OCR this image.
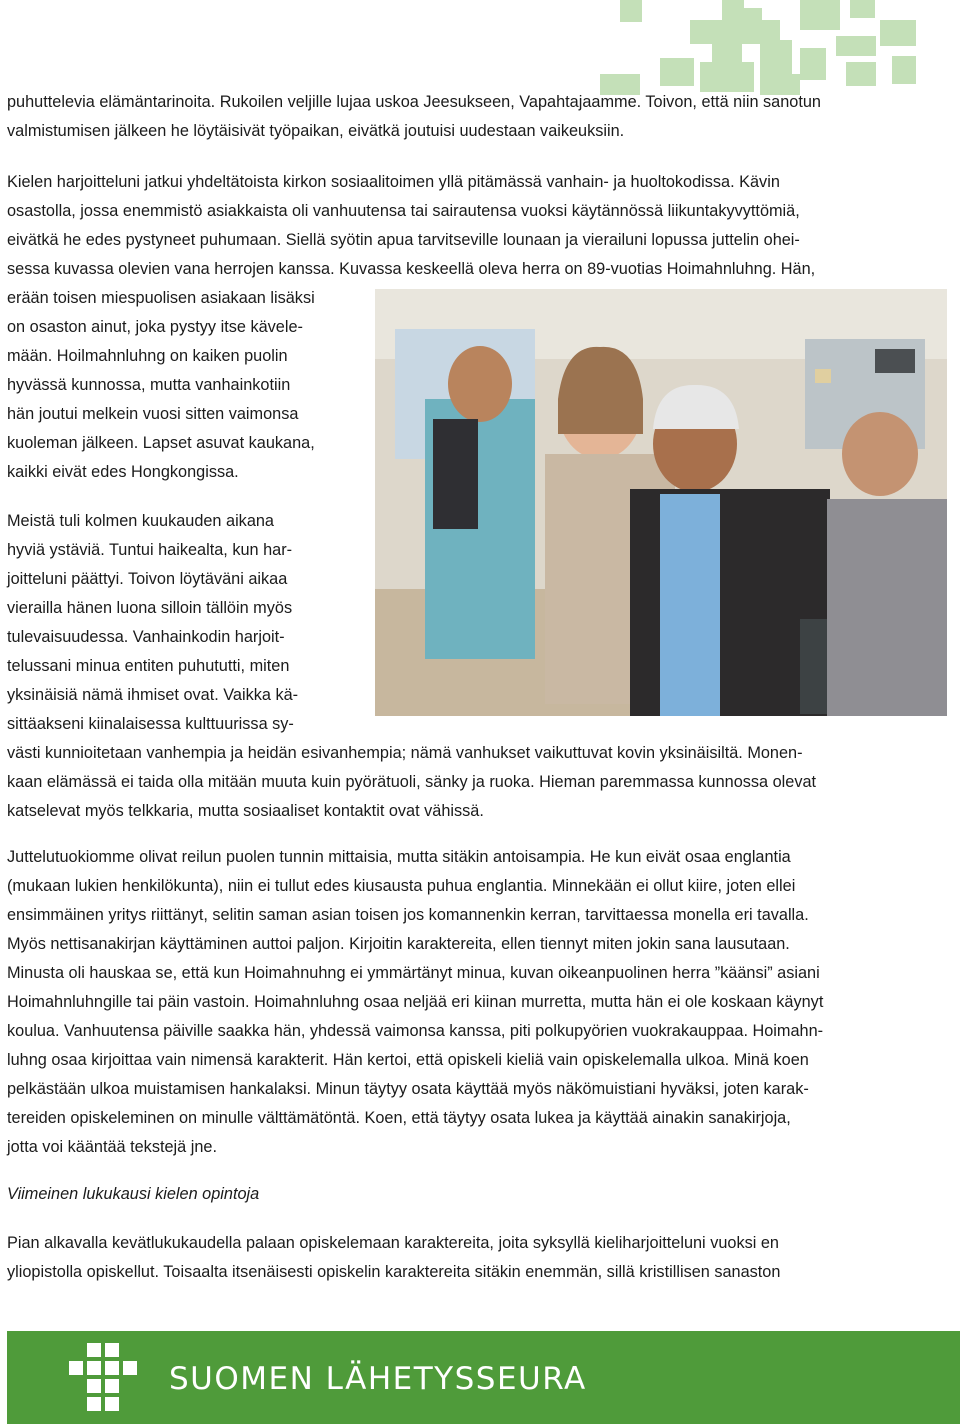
puhuttelevia elämäntarinoita. Rukoilen veljille lujaa uskoa Jeesukseen, Vapahtajaamme. Toivon, että niin sanotun
valmistumisen jälkeen he löytäisivät työpaikan, eivätkä joutuisi uudestaan vaikeuksiin.
Kielen harjoitteluni jatkui yhdeltätoista kirkon sosiaalitoimen yllä pitämässä vanhain- ja huoltokodissa. Kävin
osastolla, jossa enemmistö asiakkaista oli vanhuutensa tai sairautensa vuoksi käytännössä liikuntakyvyttömiä,
eivätkä he edes pystyneet puhumaan. Siellä syötin apua tarvitseville lounaan ja vierailuni lopussa juttelin ohei-
sessa kuvassa olevien vana herrojen kanssa. Kuvassa keskeellä oleva herra on 89-vuotias Hoimahnluhng. Hän,
erään toisen miespuolisen asiakaan lisäksi
on osaston ainut, joka pystyy itse kävele-
mään. Hoilmahnluhng on kaiken puolin
hyvässä kunnossa, mutta vanhainkotiin
hän joutui melkein vuosi sitten vaimonsa
kuoleman jälkeen. Lapset asuvat kaukana,
kaikki eivät edes Hongkongissa.
Meistä tuli kolmen kuukauden aikana
hyviä ystäviä. Tuntui haikealta, kun har-
joitteluni päättyi. Toivon löytäväni aikaa
vierailla hänen luona silloin tällöin myös
tulevaisuudessa. Vanhainkodin harjoit-
telussani minua entiten puhututti, miten
yksinäisiä nämä ihmiset ovat. Vaikka kä-
sittäakseni kiinalaisessa kulttuurissa sy-
västi kunnioitetaan vanhempia ja heidän esivanhempia; nämä vanhukset vaikuttuvat kovin yksinäisiltä. Monen-
kaan elämässä ei taida olla mitään muuta kuin pyörätuoli, sänky ja ruoka. Hieman paremmassa kunnossa olevat
katselevat myös telkkaria, mutta sosiaaliset kontaktit ovat vähissä.
Juttelutuokiomme olivat reilun puolen tunnin mittaisia, mutta sitäkin antoisampia. He kun eivät osaa englantia
(mukaan lukien henkilökunta), niin ei tullut edes kiusausta puhua englantia. Minnekään ei ollut kiire, joten ellei
ensimmäinen yritys riittänyt, selitin saman asian toisen jos komannenkin kerran, tarvittaessa monella eri tavalla.
Myös nettisanakirjan käyttäminen auttoi paljon. Kirjoitin karaktereita, ellen tiennyt miten jokin sana lausutaan.
Minusta oli hauskaa se, että kun Hoimahnuhng ei ymmärtänyt minua, kuvan oikeanpuolinen herra ”käänsi” asiani
Hoimahnluhngille tai päin vastoin. Hoimahnluhng osaa neljää eri kiinan murretta, mutta hän ei ole koskaan käynyt
koulua. Vanhuutensa päiville saakka hän, yhdessä vaimonsa kanssa, piti polkupyörien vuokrakauppaa. Hoimahn-
luhng osaa kirjoittaa vain nimensä karakterit. Hän kertoi, että opiskeli kieliä vain opiskelemalla ulkoa. Minä koen
pelkästään ulkoa muistamisen hankalaksi. Minun täytyy osata käyttää myös näkömuistiani hyväksi, joten karak-
tereiden opiskeleminen on minulle välttämätöntä. Koen, että täytyy osata lukea ja käyttää ainakin sanakirjoja,
jotta voi kääntää tekstejä jne.
Viimeinen lukukausi kielen opintoja
Pian alkavalla kevätlukukaudella palaan opiskelemaan karaktereita, joita syksyllä kieliharjoitteluni vuoksi en
yliopistolla opiskellut. Toisaalta itsenäisesti opiskelin karaktereita sitäkin enemmän, sillä kristillisen sanaston
SUOMEN LÄHETYSSEURA
